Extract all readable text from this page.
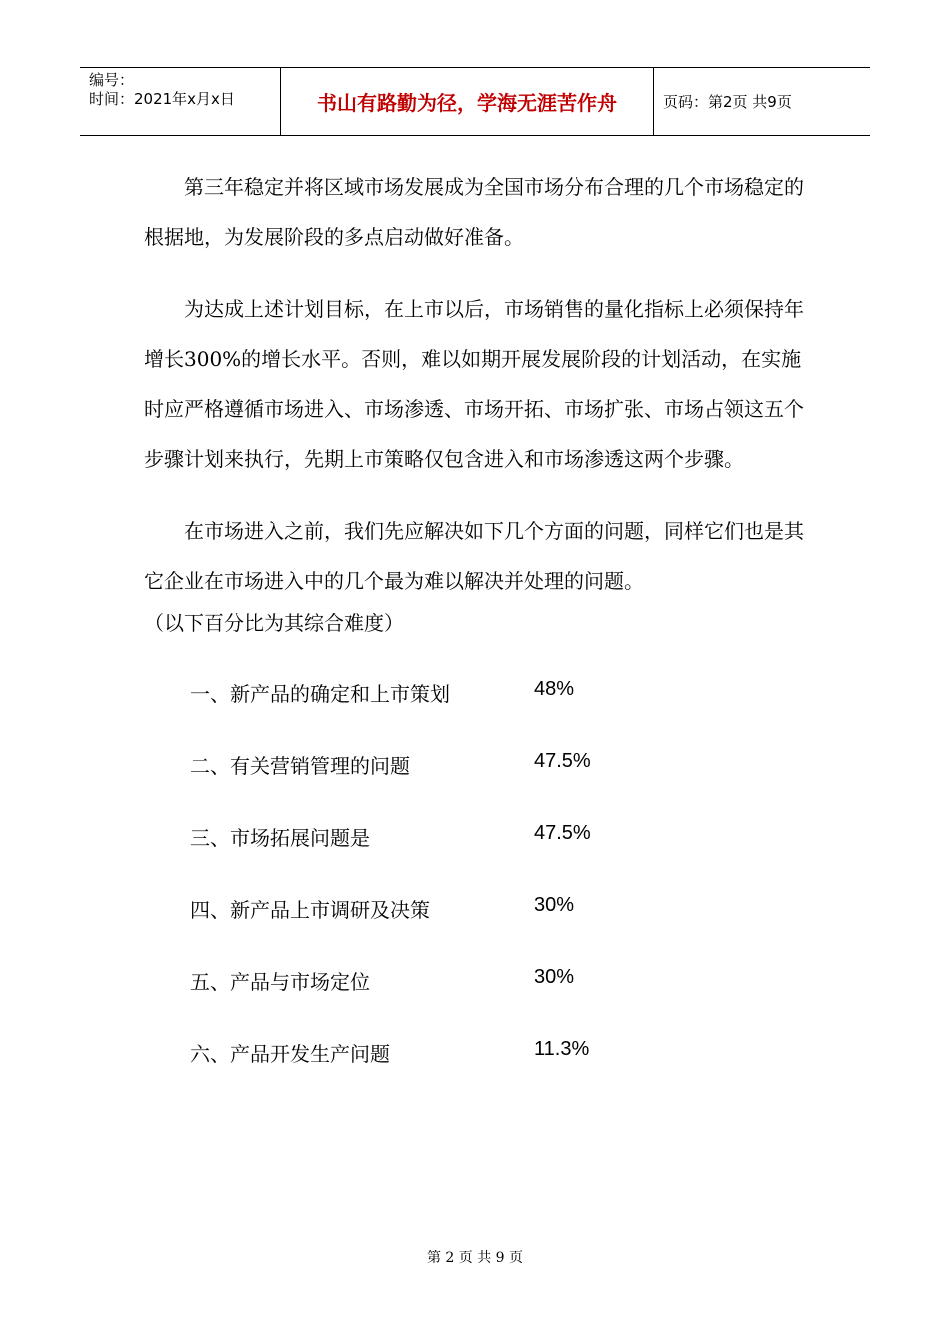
编号：
时间：2021年x月x日	书山有路勤为径，学海无涯苦作舟	页码：第2页 共9页

第三年稳定并将区域市场发展成为全国市场分布合理的几个市场稳定的根据地，为发展阶段的多点启动做好准备。

为达成上述计划目标，在上市以后，市场销售的量化指标上必须保持年增长300%的增长水平。否则，难以如期开展发展阶段的计划活动，在实施时应严格遵循市场进入、市场渗透、市场开拓、市场扩张、市场占领这五个步骤计划来执行，先期上市策略仅包含进入和市场渗透这两个步骤。

在市场进入之前，我们先应解决如下几个方面的问题，同样它们也是其它企业在市场进入中的几个最为难以解决并处理的问题。

（以下百分比为其综合难度）

一、新产品的确定和上市策划	48%
二、有关营销管理的问题	47.5%
三、市场拓展问题是	47.5%
四、新产品上市调研及决策	30%
五、产品与市场定位	30%
六、产品开发生产问题	11.3%
第 2 页 共 9 页
